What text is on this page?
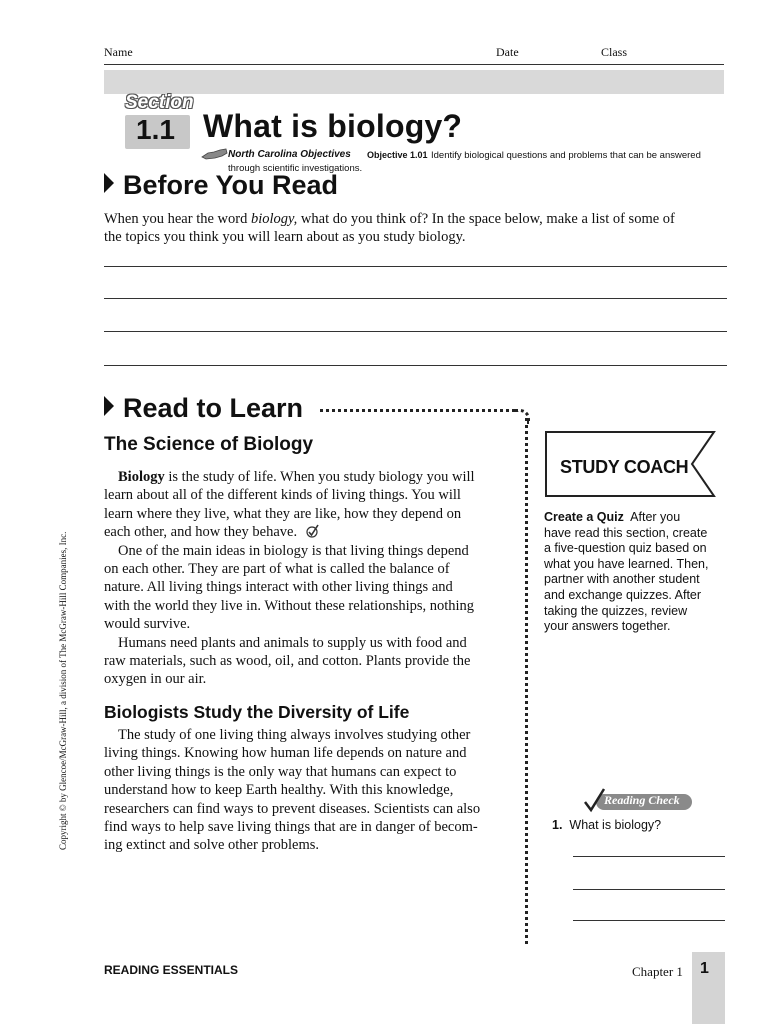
Name	Date	Class
Section
1.1 What is biology?
North Carolina Objectives Objective 1.01 Identify biological questions and problems that can be answered
through scientific investigations.
Before You Read
When you hear the word biology, what do you think of? In the space below, make a list of some of
the topics you think you will learn about as you study biology.
Read to Learn
The Science of Biology
Biology is the study of life. When you study biology you will
learn about all of the different kinds of living things. You will
learn where they live, what they are like, how they depend on
each other, and how they behave.
One of the main ideas in biology is that living things depend
on each other. They are part of what is called the balance of
nature. All living things interact with other living things and
with the world they live in. Without these relationships, nothing
would survive.
Humans need plants and animals to supply us with food and
raw materials, such as wood, oil, and cotton. Plants provide the
oxygen in our air.
Biologists Study the Diversity of Life
The study of one living thing always involves studying other
living things. Knowing how human life depends on nature and
other living things is the only way that humans can expect to
understand how to keep Earth healthy. With this knowledge,
researchers can find ways to prevent diseases. Scientists can also
find ways to help save living things that are in danger of becom-
ing extinct and solve other problems.
STUDY COACH
Create a Quiz After you
have read this section, create
a five-question quiz based on
what you have learned. Then,
partner with another student
and exchange quizzes. After
taking the quizzes, review
your answers together.
Reading Check
1. What is biology?
Copyright © by Glencoe/McGraw-Hill, a division of The McGraw-Hill Companies, Inc.
READING ESSENTIALS	Chapter 1 1
